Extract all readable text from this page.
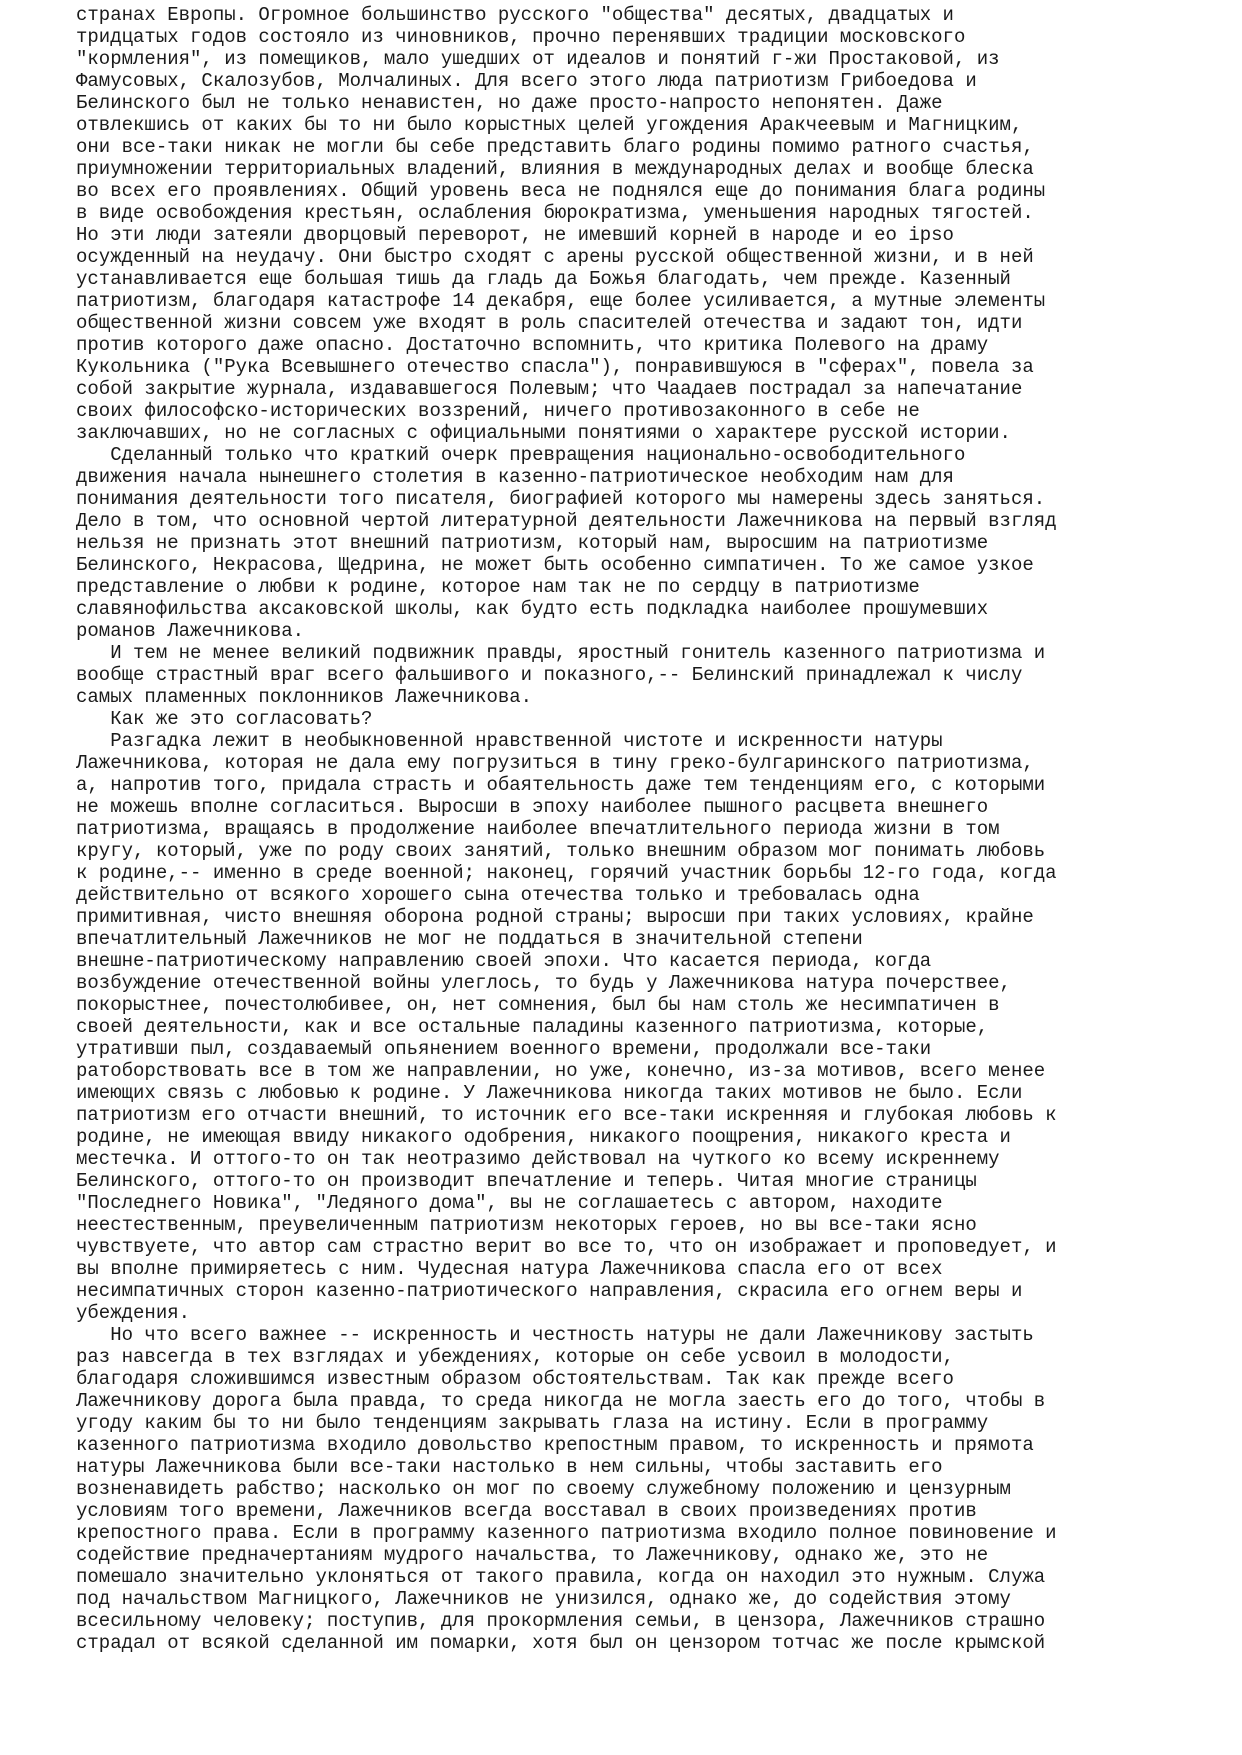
странах Европы. Огромное большинство русского "общества" десятых, двадцатых и
тридцатых годов состояло из чиновников, прочно перенявших традиции московского
"кормления", из помещиков, мало ушедших от идеалов и понятий г-жи Простаковой, из
Фамусовых, Скалозубов, Молчалиных. Для всего этого люда патриотизм Грибоедова и
Белинского был не только ненавистен, но даже просто-напросто непонятен. Даже
отвлекшись от каких бы то ни было корыстных целей угождения Аракчеевым и Магницким,
они все-таки никак не могли бы себе представить благо родины помимо ратного счастья,
приумножении территориальных владений, влияния в международных делах и вообще блеска
во всех его проявлениях. Общий уровень веса не поднялся еще до понимания блага родины
в виде освобождения крестьян, ослабления бюрократизма, уменьшения народных тягостей.
Но эти люди затеяли дворцовый переворот, не имевший корней в народе и eo ipso
осужденный на неудачу. Они быстро сходят с арены русской общественной жизни, и в ней
устанавливается еще большая тишь да гладь да Божья благодать, чем прежде. Казенный
патриотизм, благодаря катастрофе 14 декабря, еще более усиливается, а мутные элементы
общественной жизни совсем уже входят в роль спасителей отечества и задают тон, идти
против которого даже опасно. Достаточно вспомнить, что критика Полевого на драму
Кукольника ("Рука Всевышнего отечество спасла"), понравившуюся в "сферах", повела за
собой закрытие журнала, издававшегося Полевым; что Чаадаев пострадал за напечатание
своих философско-исторических воззрений, ничего противозаконного в себе не
заключавших, но не согласных с официальными понятиями о характере русской истории.
Сделанный только что краткий очерк превращения национально-освободительного
движения начала нынешнего столетия в казенно-патриотическое необходим нам для
понимания деятельности того писателя, биографией которого мы намерены здесь заняться.
Дело в том, что основной чертой литературной деятельности Лажечникова на первый взгляд
нельзя не признать этот внешний патриотизм, который нам, выросшим на патриотизме
Белинского, Некрасова, Щедрина, не может быть особенно симпатичен. То же самое узкое
представление о любви к родине, которое нам так не по сердцу в патриотизме
славянофильства аксаковской школы, как будто есть подкладка наиболее прошумевших
романов Лажечникова.
И тем не менее великий подвижник правды, яростный гонитель казенного патриотизма и
вообще страстный враг всего фальшивого и показного,-- Белинский принадлежал к числу
самых пламенных поклонников Лажечникова.
Как же это согласовать?
Разгадка лежит в необыкновенной нравственной чистоте и искренности натуры
Лажечникова, которая не дала ему погрузиться в тину греко-булгаринского патриотизма,
а, напротив того, придала страсть и обаятельность даже тем тенденциям его, с которыми
не можешь вполне согласиться. Выросши в эпоху наиболее пышного расцвета внешнего
патриотизма, вращаясь в продолжение наиболее впечатлительного периода жизни в том
кругу, который, уже по роду своих занятий, только внешним образом мог понимать любовь
к родине,-- именно в среде военной; наконец, горячий участник борьбы 12-го года, когда
действительно от всякого хорошего сына отечества только и требовалась одна
примитивная, чисто внешняя оборона родной страны; выросши при таких условиях, крайне
впечатлительный Лажечников не мог не поддаться в значительной степени
внешне-патриотическому направлению своей эпохи. Что касается периода, когда
возбуждение отечественной войны улеглось, то будь у Лажечникова натура почерствее,
покорыстнее, почестолюбивее, он, нет сомнения, был бы нам столь же несимпатичен в
своей деятельности, как и все остальные паладины казенного патриотизма, которые,
утративши пыл, создаваемый опьянением военного времени, продолжали все-таки
ратоборствовать все в том же направлении, но уже, конечно, из-за мотивов, всего менее
имеющих связь с любовью к родине. У Лажечникова никогда таких мотивов не было. Если
патриотизм его отчасти внешний, то источник его все-таки искренняя и глубокая любовь к
родине, не имеющая ввиду никакого одобрения, никакого поощрения, никакого креста и
местечка. И оттого-то он так неотразимо действовал на чуткого ко всему искреннему
Белинского, оттого-то он производит впечатление и теперь. Читая многие страницы
"Последнего Новика", "Ледяного дома", вы не соглашаетесь с автором, находите
неестественным, преувеличенным патриотизм некоторых героев, но вы все-таки ясно
чувствуете, что автор сам страстно верит во все то, что он изображает и проповедует, и
вы вполне примиряетесь с ним. Чудесная натура Лажечникова спасла его от всех
несимпатичных сторон казенно-патриотического направления, скрасила его огнем веры и
убеждения.
Но что всего важнее -- искренность и честность натуры не дали Лажечникову застыть
раз навсегда в тех взглядах и убеждениях, которые он себе усвоил в молодости,
благодаря сложившимся известным образом обстоятельствам. Так как прежде всего
Лажечникову дорога была правда, то среда никогда не могла заесть его до того, чтобы в
угоду каким бы то ни было тенденциям закрывать глаза на истину. Если в программу
казенного патриотизма входило довольство крепостным правом, то искренность и прямота
натуры Лажечникова были все-таки настолько в нем сильны, чтобы заставить его
возненавидеть рабство; насколько он мог по своему служебному положению и цензурным
условиям того времени, Лажечников всегда восставал в своих произведениях против
крепостного права. Если в программу казенного патриотизма входило полное повиновение и
содействие предначертаниям мудрого начальства, то Лажечникову, однако же, это не
помешало значительно уклоняться от такого правила, когда он находил это нужным. Служа
под начальством Магницкого, Лажечников не унизился, однако же, до содействия этому
всесильному человеку; поступив, для прокормления семьи, в цензора, Лажечников страшно
страдал от всякой сделанной им помарки, хотя был он цензором тотчас же после крымской
